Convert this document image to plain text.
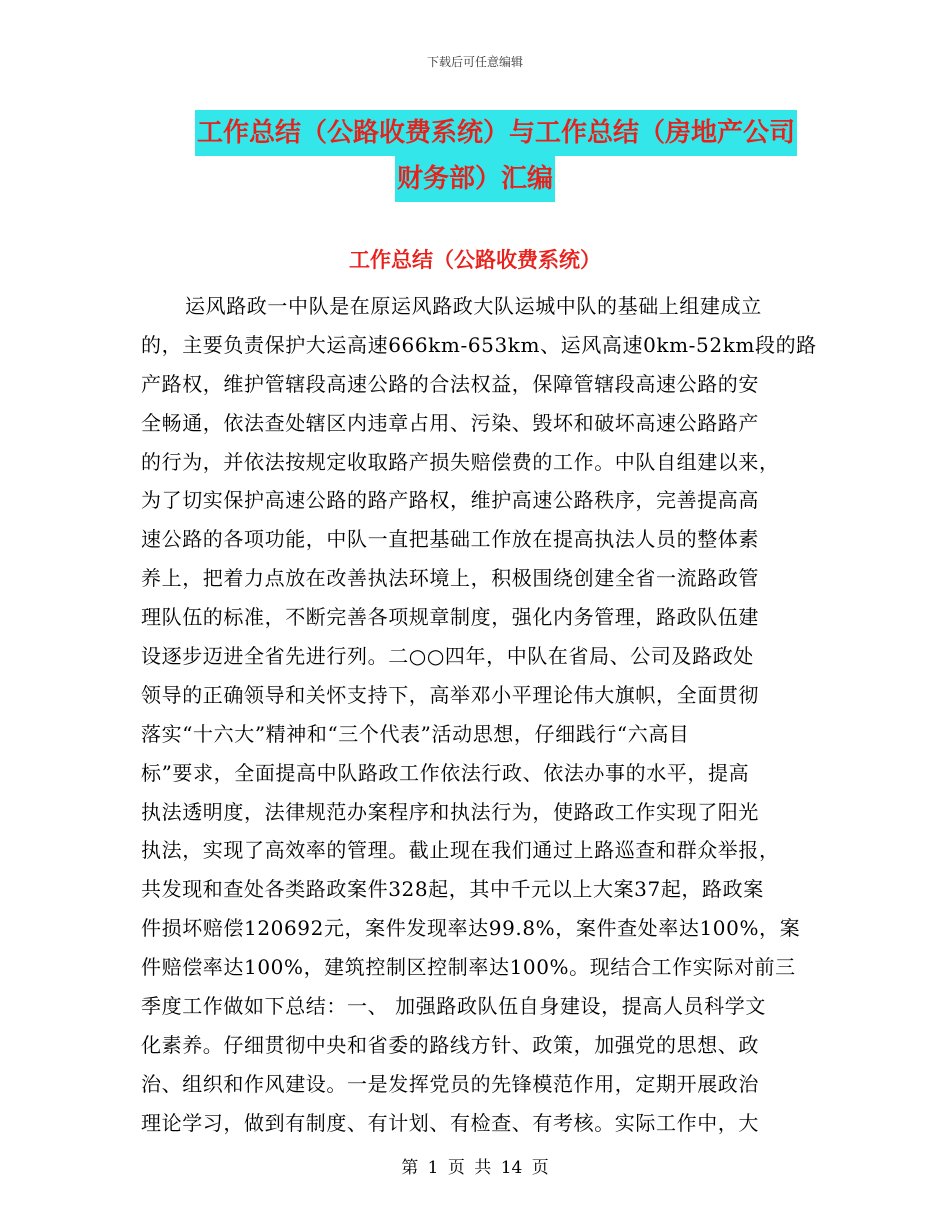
下载后可任意编辑
工作总结（公路收费系统）与工作总结（房地产公司
财务部）汇编
工作总结（公路收费系统）
运风路政一中队是在原运风路政大队运城中队的基础上组建成立
的，主要负责保护大运高速666km-653km、运风高速0km-52km段的路
产路权，维护管辖段高速公路的合法权益，保障管辖段高速公路的安
全畅通，依法查处辖区内违章占用、污染、毁坏和破坏高速公路路产
的行为，并依法按规定收取路产损失赔偿费的工作。中队自组建以来，
为了切实保护高速公路的路产路权，维护高速公路秩序，完善提高高
速公路的各项功能，中队一直把基础工作放在提高执法人员的整体素
养上，把着力点放在改善执法环境上，积极围绕创建全省一流路政管
理队伍的标准，不断完善各项规章制度，强化内务管理，路政队伍建
设逐步迈进全省先进行列。二○○四年，中队在省局、公司及路政处
领导的正确领导和关怀支持下，高举邓小平理论伟大旗帜，全面贯彻
落实“十六大”精神和“三个代表”活动思想，仔细践行“六高目
标”要求，全面提高中队路政工作依法行政、依法办事的水平，提高
执法透明度，法律规范办案程序和执法行为，使路政工作实现了阳光
执法，实现了高效率的管理。截止现在我们通过上路巡查和群众举报，
共发现和查处各类路政案件328起，其中千元以上大案37起，路政案
件损坏赔偿120692元，案件发现率达99.8%，案件查处率达100%，案
件赔偿率达100%，建筑控制区控制率达100%。现结合工作实际对前三
季度工作做如下总结：一、 加强路政队伍自身建设，提高人员科学文
化素养。仔细贯彻中央和省委的路线方针、政策，加强党的思想、政
治、组织和作风建设。一是发挥党员的先锋模范作用，定期开展政治
理论学习，做到有制度、有计划、有检查、有考核。实际工作中，大
第 1 页 共 14 页
